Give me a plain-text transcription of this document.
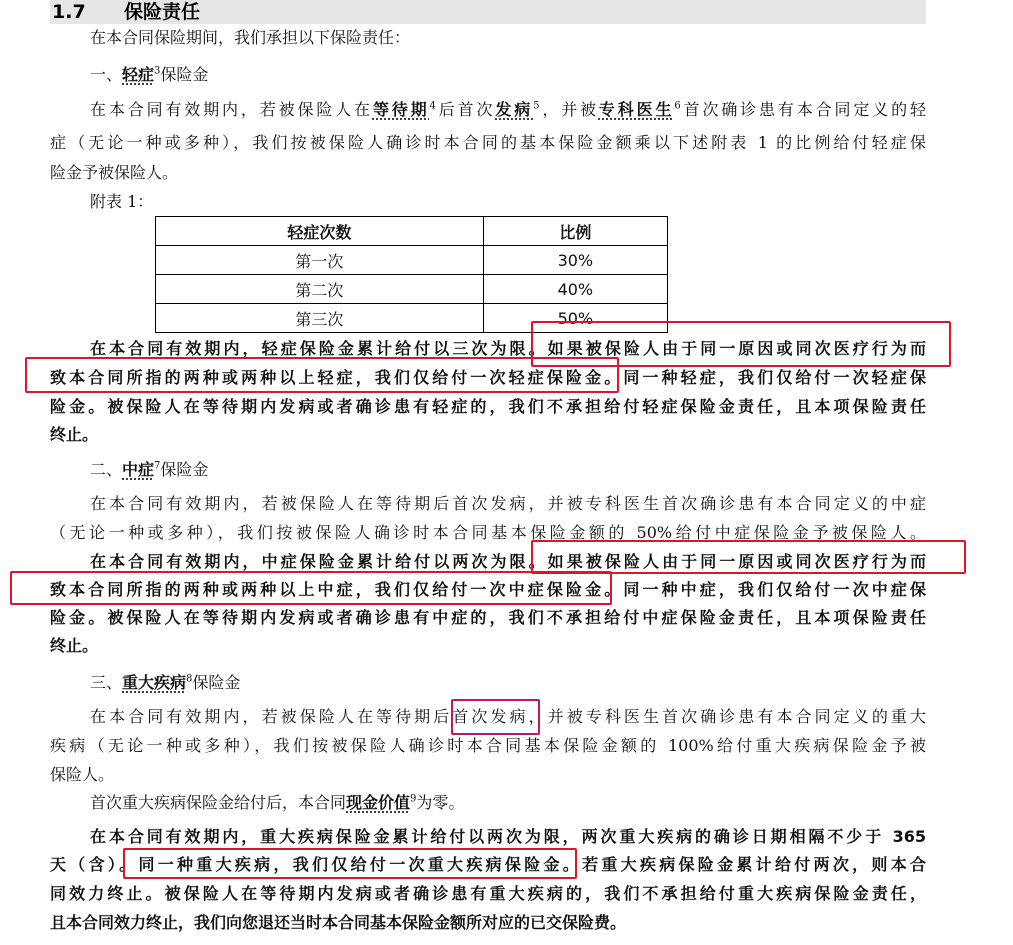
1.7 保险责任
在本合同保险期间，我们承担以下保险责任：
一、轻症$^3$保险金
在本合同有效期内，若被保险人在等待期$^4$后首次发病$^5$，并被专科医生$^6$首次确诊患有本合同定义的轻
症（无论一种或多种），我们按被保险人确诊时本合同的基本保险金额乘以下述附表 1 的比例给付轻症保
险金予被保险人。
附表 1：
轻症次数	比例
第一次	30%
第二次	40%
第三次	50%
在本合同有效期内，轻症保险金累计给付以三次为限。如果被保险人由于同一原因或同次医疗行为而
致本合同所指的两种或两种以上轻症，我们仅给付一次轻症保险金。同一种轻症，我们仅给付一次轻症保
险金。被保险人在等待期内发病或者确诊患有轻症的，我们不承担给付轻症保险金责任，且本项保险责任
终止。
二、中症$^7$保险金
在本合同有效期内，若被保险人在等待期后首次发病，并被专科医生首次确诊患有本合同定义的中症
（无论一种或多种），我们按被保险人确诊时本合同基本保险金额的 50%给付中症保险金予被保险人。
在本合同有效期内，中症保险金累计给付以两次为限。如果被保险人由于同一原因或同次医疗行为而
致本合同所指的两种或两种以上中症，我们仅给付一次中症保险金。同一种中症，我们仅给付一次中症保
险金。被保险人在等待期内发病或者确诊患有中症的，我们不承担给付中症保险金责任，且本项保险责任
终止。
三、重大疾病$^8$保险金
在本合同有效期内，若被保险人在等待期后首次发病，并被专科医生首次确诊患有本合同定义的重大
疾病（无论一种或多种），我们按被保险人确诊时本合同基本保险金额的 100%给付重大疾病保险金予被
保险人。
首次重大疾病保险金给付后，本合同现金价值$^9$为零。
在本合同有效期内，重大疾病保险金累计给付以两次为限，两次重大疾病的确诊日期相隔不少于 365
天（含）。同一种重大疾病，我们仅给付一次重大疾病保险金。若重大疾病保险金累计给付两次，则本合
同效力终止。被保险人在等待期内发病或者确诊患有重大疾病的，我们不承担给付重大疾病保险金责任，
且本合同效力终止，我们向您退还当时本合同基本保险金额所对应的已交保险费。
